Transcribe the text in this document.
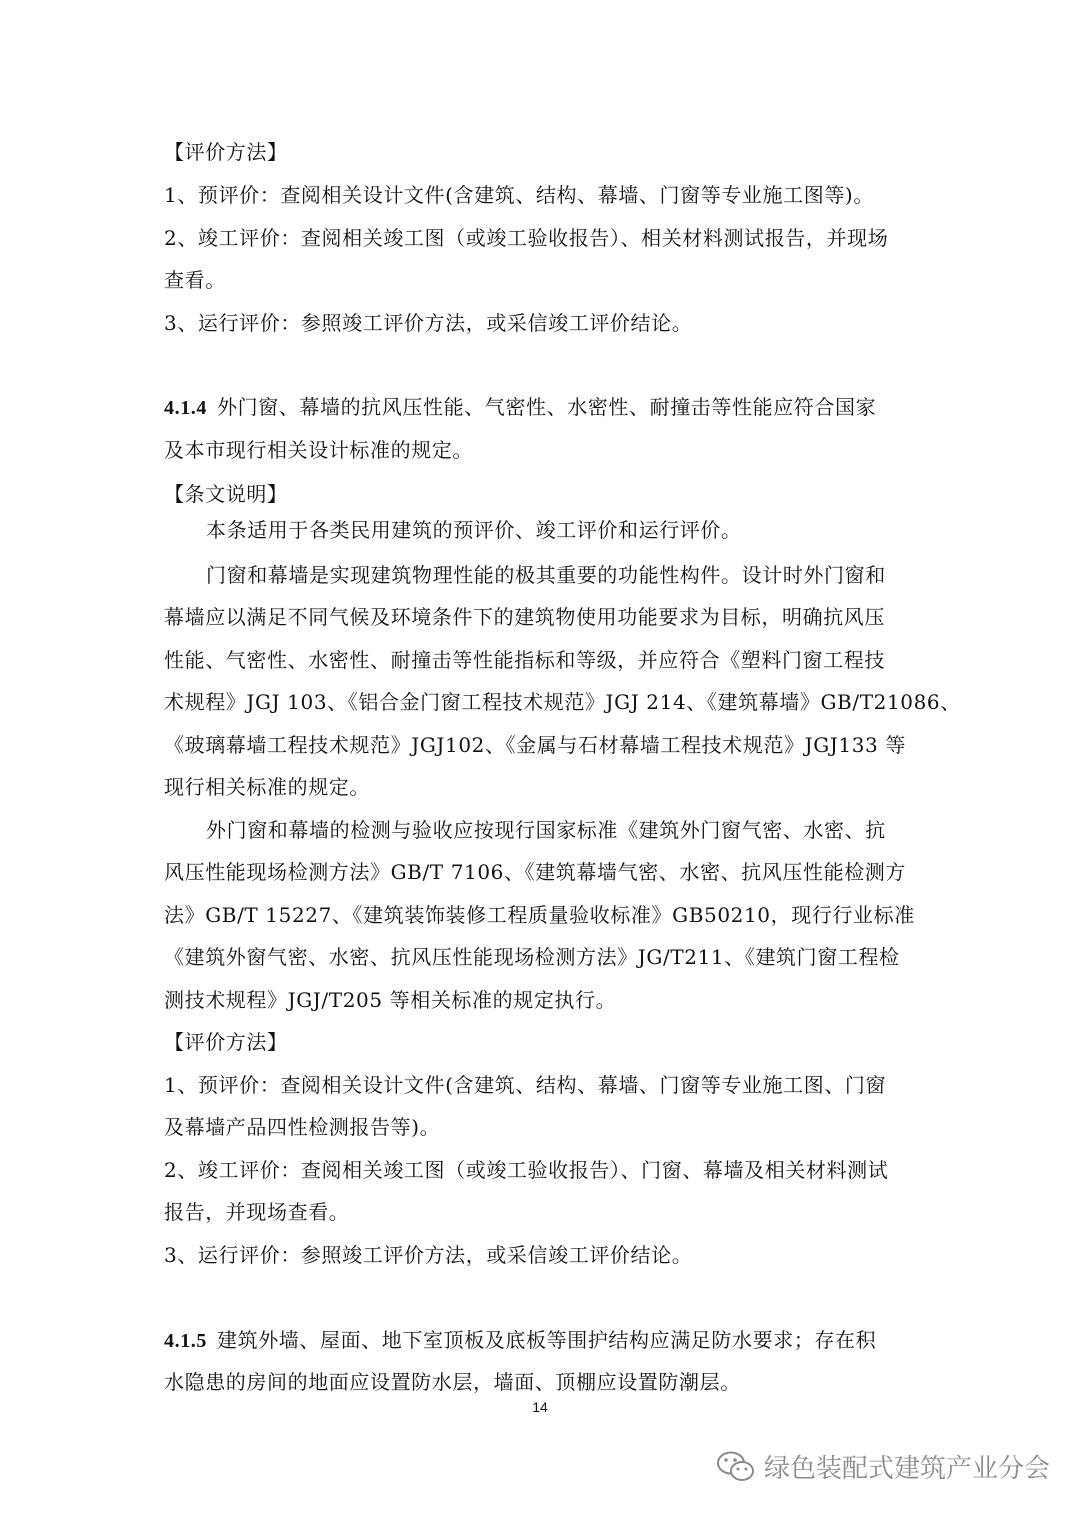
【评价方法】
1、预评价：查阅相关设计文件(含建筑、结构、幕墙、门窗等专业施工图等)。
2、竣工评价：查阅相关竣工图（或竣工验收报告）、相关材料测试报告，并现场
查看。
3、运行评价：参照竣工评价方法，或采信竣工评价结论。
4.1.4 外门窗、幕墙的抗风压性能、气密性、水密性、耐撞击等性能应符合国家
及本市现行相关设计标准的规定。
【条文说明】
本条适用于各类民用建筑的预评价、竣工评价和运行评价。
门窗和幕墙是实现建筑物理性能的极其重要的功能性构件。设计时外门窗和
幕墙应以满足不同气候及环境条件下的建筑物使用功能要求为目标，明确抗风压
性能、气密性、水密性、耐撞击等性能指标和等级，并应符合《塑料门窗工程技
术规程》JGJ 103、《铝合金门窗工程技术规范》JGJ 214、《建筑幕墙》GB/T21086、
《玻璃幕墙工程技术规范》JGJ102、《金属与石材幕墙工程技术规范》JGJ133 等
现行相关标准的规定。
外门窗和幕墙的检测与验收应按现行国家标准《建筑外门窗气密、水密、抗
风压性能现场检测方法》GB/T 7106、《建筑幕墙气密、水密、抗风压性能检测方
法》GB/T 15227、《建筑装饰装修工程质量验收标准》GB50210，现行行业标准
《建筑外窗气密、水密、抗风压性能现场检测方法》JG/T211、《建筑门窗工程检
测技术规程》JGJ/T205 等相关标准的规定执行。
【评价方法】
1、预评价：查阅相关设计文件(含建筑、结构、幕墙、门窗等专业施工图、门窗
及幕墙产品四性检测报告等)。
2、竣工评价：查阅相关竣工图（或竣工验收报告）、门窗、幕墙及相关材料测试
报告，并现场查看。
3、运行评价：参照竣工评价方法，或采信竣工评价结论。
4.1.5 建筑外墙、屋面、地下室顶板及底板等围护结构应满足防水要求；存在积
水隐患的房间的地面应设置防水层，墙面、顶棚应设置防潮层。
14
绿色装配式建筑产业分会
